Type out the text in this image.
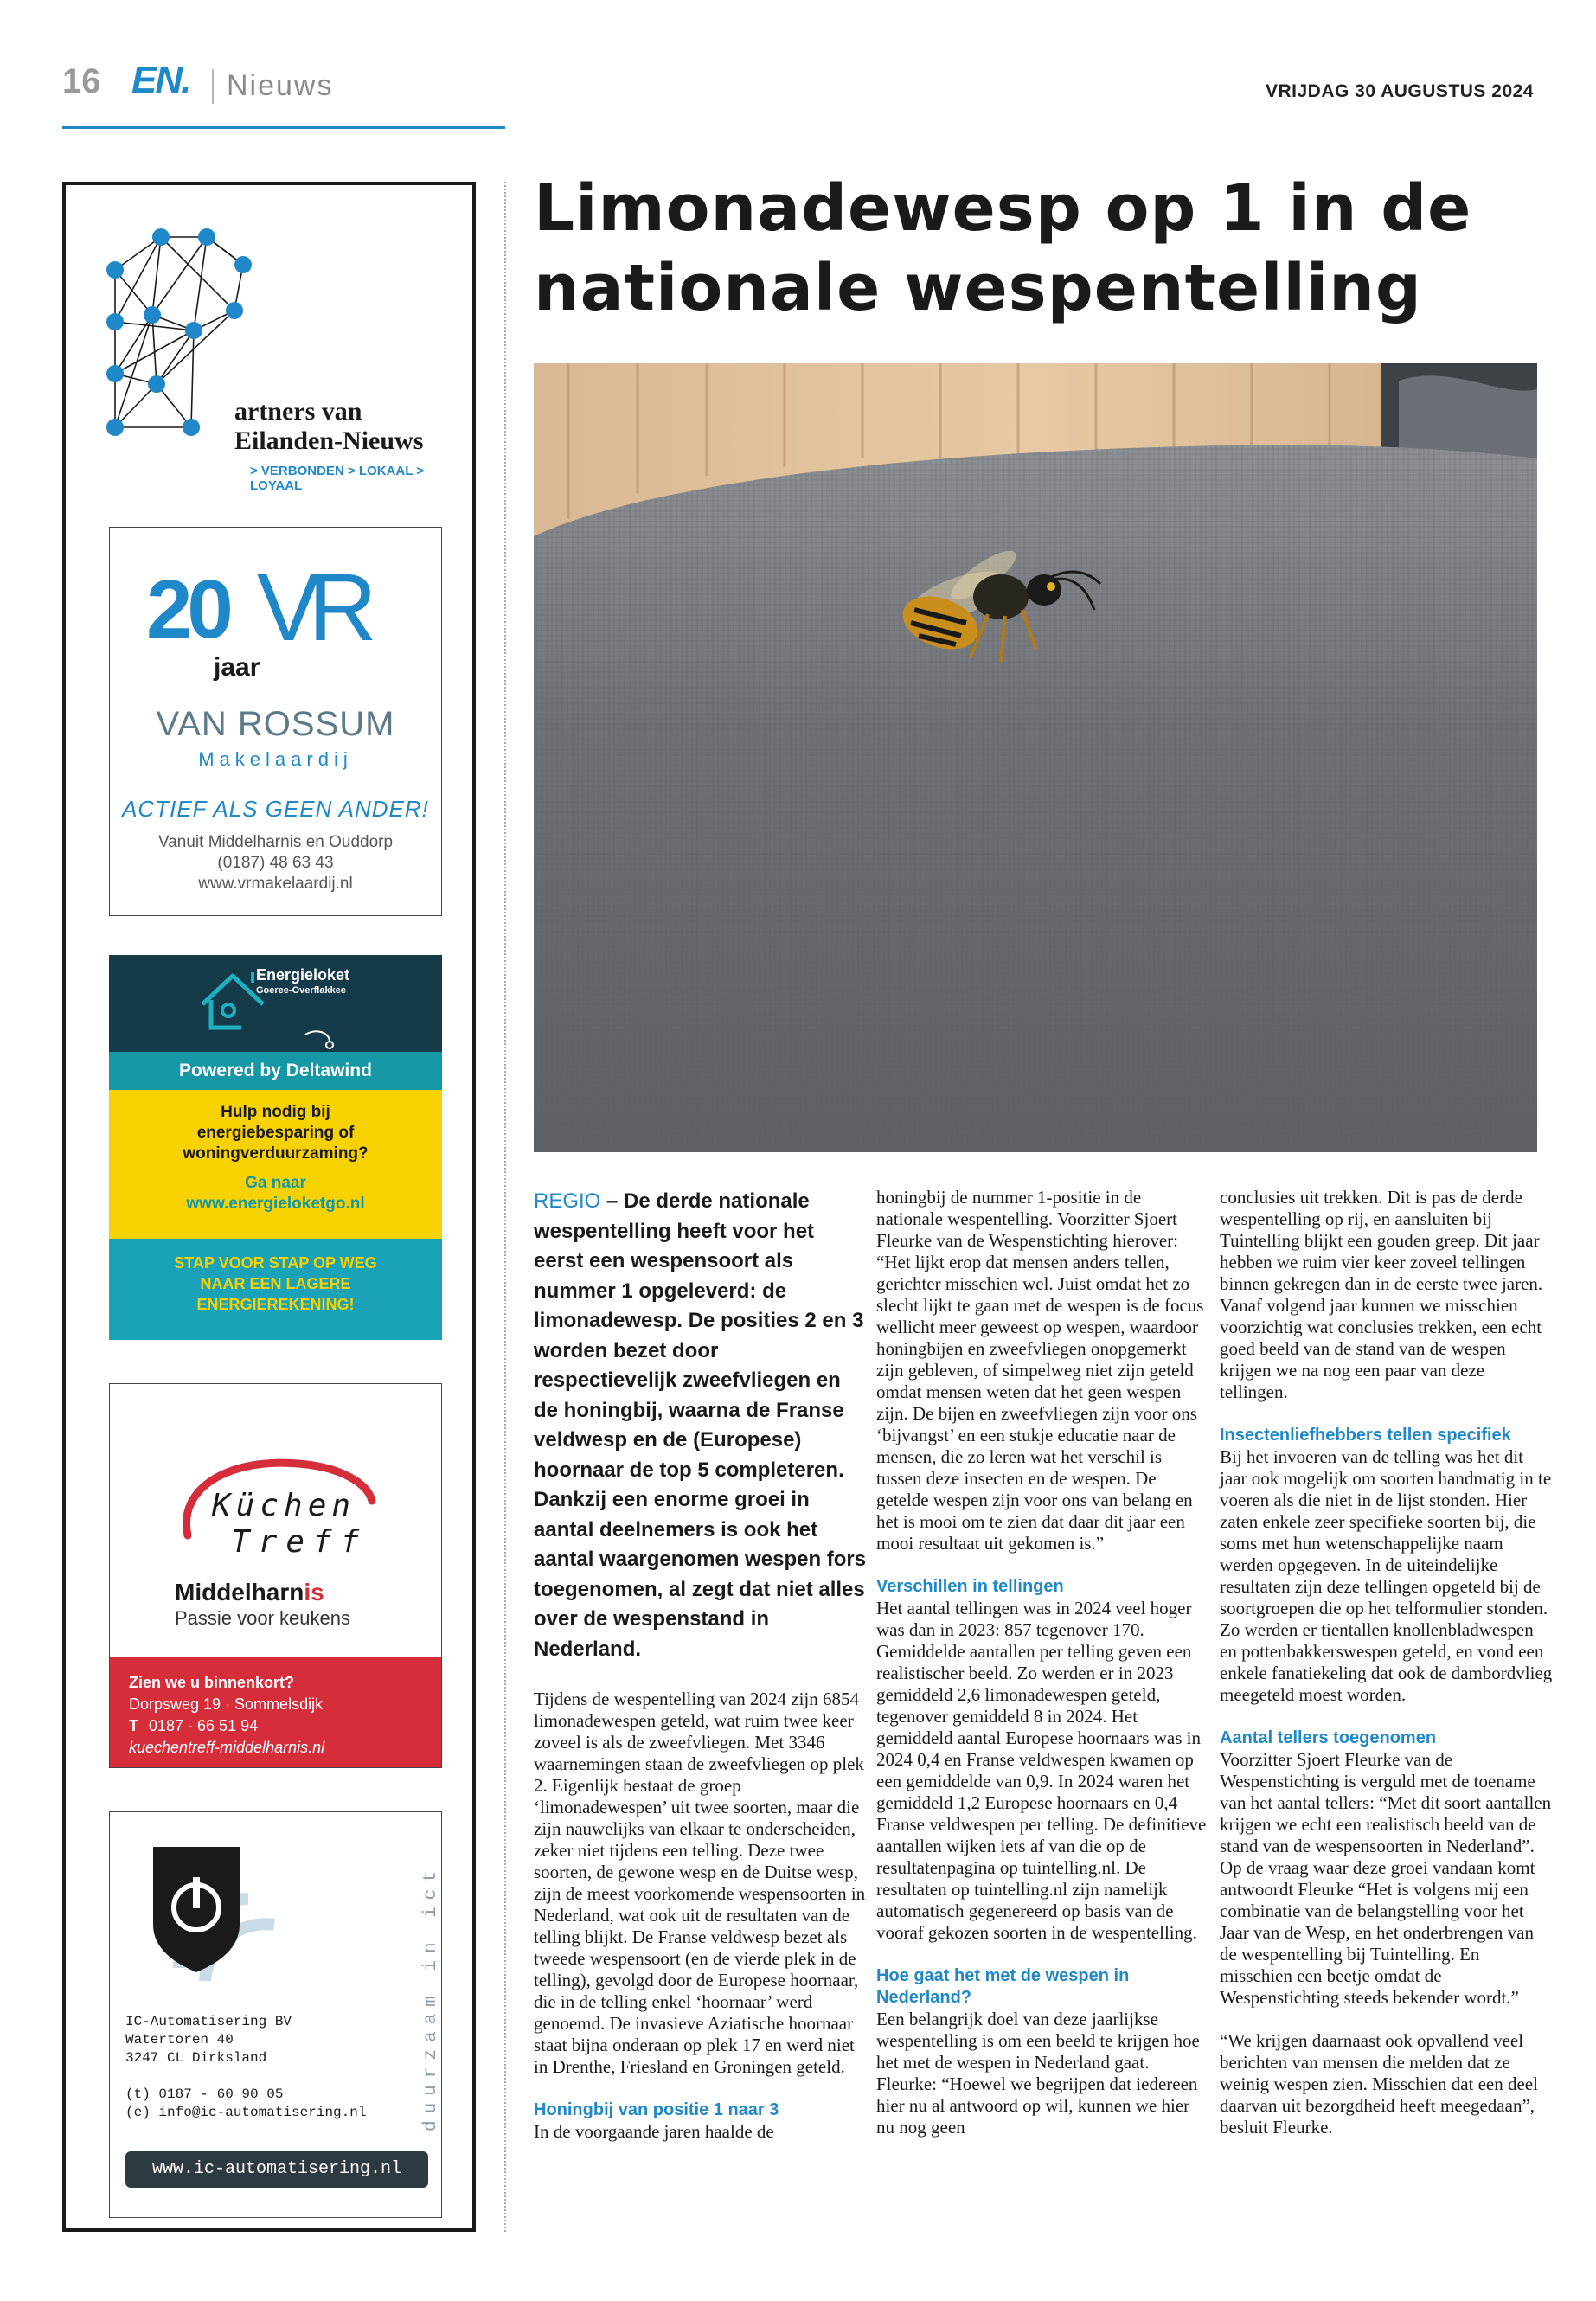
16 EN. Nieuws	VRIJDAG 30 AUGUSTUS 2024
artners van
Eilanden-Nieuws
> VERBONDEN > LOKAAL > LOYAAL
20
jaar
VR
VAN ROSSUM
Makelaardij
ACTIEF ALS GEEN ANDER!
Vanuit Middelharnis en Ouddorp
(0187) 48 63 43
www.vrmakelaardij.nl
Energieloket
Goeree-Overflakkee
Powered by Deltawind
Hulp nodig bij
energiebesparing of
woningverduurzaming?
Ga naar
www.energieloketgo.nl
STAP VOOR STAP OP WEG
NAAR EEN LAGERE
ENERGIEREKENING!
Küchen
Treff
Middelharnis
Passie voor keukens
Zien we u binnenkort?
Dorpsweg 19 · Sommelsdijk
T 0187 - 66 51 94
kuechentreff-middelharnis.nl
IC-Automatisering BV
Watertoren 40
3247 CL Dirksland
(t) 0187 - 60 90 05
(e) info@ic-automatisering.nl	duurzaam in ict
www.ic-automatisering.nl
Limonadewesp op 1 in de nationale wespentelling

REGIO – De derde nationale wespentelling heeft voor het eerst een wespensoort als nummer 1 opgeleverd: de limonadewesp. De posities 2 en 3 worden bezet door respectievelijk zweefvliegen en de honingbij, waarna de Franse veldwesp en de (Europese) hoornaar de top 5 completeren. Dankzij een enorme groei in aantal deelnemers is ook het aantal waargenomen wespen fors toegenomen, al zegt dat niet alles over de wespenstand in Nederland.

Tijdens de wespentelling van 2024 zijn 6854 limonadewespen geteld, wat ruim twee keer zoveel is als de zweefvliegen. Met 3346 waarnemingen staan de zweefvliegen op plek 2. Eigenlijk bestaat de groep ‘limonadewespen’ uit twee soorten, maar die zijn nauwelijks van elkaar te onderscheiden, zeker niet tijdens een telling. Deze twee soorten, de gewone wesp en de Duitse wesp, zijn de meest voorkomende wespensoorten in Nederland, wat ook uit de resultaten van de telling blijkt. De Franse veldwesp bezet als tweede wespensoort (en de vierde plek in de telling), gevolgd door de Europese hoornaar, die in de telling enkel ‘hoornaar’ werd genoemd. De invasieve Aziatische hoornaar staat bijna onderaan op plek 17 en werd niet in Drenthe, Friesland en Groningen geteld.

Honingbij van positie 1 naar 3

In de voorgaande jaren haalde de

honingbij de nummer 1-positie in de nationale wespentelling. Voorzitter Sjoert Fleurke van de Wespenstichting hierover: “Het lijkt erop dat mensen anders tellen, gerichter misschien wel. Juist omdat het zo slecht lijkt te gaan met de wespen is de focus wellicht meer geweest op wespen, waardoor honingbijen en zweefvliegen onopgemerkt zijn gebleven, of simpelweg niet zijn geteld omdat mensen weten dat het geen wespen zijn. De bijen en zweefvliegen zijn voor ons ‘bijvangst’ en een stukje educatie naar de mensen, die zo leren wat het verschil is tussen deze insecten en de wespen. De getelde wespen zijn voor ons van belang en het is mooi om te zien dat daar dit jaar een mooi resultaat uit gekomen is.”

Verschillen in tellingen

Het aantal tellingen was in 2024 veel hoger was dan in 2023: 857 tegenover 170. Gemiddelde aantallen per telling geven een realistischer beeld. Zo werden er in 2023 gemiddeld 2,6 limonadewespen geteld, tegenover gemiddeld 8 in 2024. Het gemiddeld aantal Europese hoornaars was in 2024 0,4 en Franse veldwespen kwamen op een gemiddelde van 0,9. In 2024 waren het gemiddeld 1,2 Europese hoornaars en 0,4 Franse veldwespen per telling. De definitieve aantallen wijken iets af van die op de resultatenpagina op tuintelling.nl. De resultaten op tuintelling.nl zijn namelijk automatisch gegenereerd op basis van de vooraf gekozen soorten in de wespentelling.

Hoe gaat het met de wespen in Nederland?

Een belangrijk doel van deze jaarlijkse wespentelling is om een beeld te krijgen hoe het met de wespen in Nederland gaat. Fleurke: “Hoewel we begrijpen dat iedereen hier nu al antwoord op wil, kunnen we hier nu nog geen

conclusies uit trekken. Dit is pas de derde wespentelling op rij, en aansluiten bij Tuintelling blijkt een gouden greep. Dit jaar hebben we ruim vier keer zoveel tellingen binnen gekregen dan in de eerste twee jaren. Vanaf volgend jaar kunnen we misschien voorzichtig wat conclusies trekken, een echt goed beeld van de stand van de wespen krijgen we na nog een paar van deze tellingen.

Insectenliefhebbers tellen specifiek

Bij het invoeren van de telling was het dit jaar ook mogelijk om soorten handmatig in te voeren als die niet in de lijst stonden. Hier zaten enkele zeer specifieke soorten bij, die soms met hun wetenschappelijke naam werden opgegeven. In de uiteindelijke resultaten zijn deze tellingen opgeteld bij de soortgroepen die op het telformulier stonden. Zo werden er tientallen knollenbladwespen en pottenbakkerswespen geteld, en vond een enkele fanatiekeling dat ook de dambordvlieg meegeteld moest worden.

Aantal tellers toegenomen

Voorzitter Sjoert Fleurke van de Wespenstichting is verguld met de toename van het aantal tellers: “Met dit soort aantallen krijgen we echt een realistisch beeld van de stand van de wespensoorten in Nederland”. Op de vraag waar deze groei vandaan komt antwoordt Fleurke “Het is volgens mij een combinatie van de belangstelling voor het Jaar van de Wesp, en het onderbrengen van de wespentelling bij Tuintelling. En misschien een beetje omdat de Wespenstichting steeds bekender wordt.”

“We krijgen daarnaast ook opvallend veel berichten van mensen die melden dat ze weinig wespen zien. Misschien dat een deel daarvan uit bezorgdheid heeft meegedaan”, besluit Fleurke.
